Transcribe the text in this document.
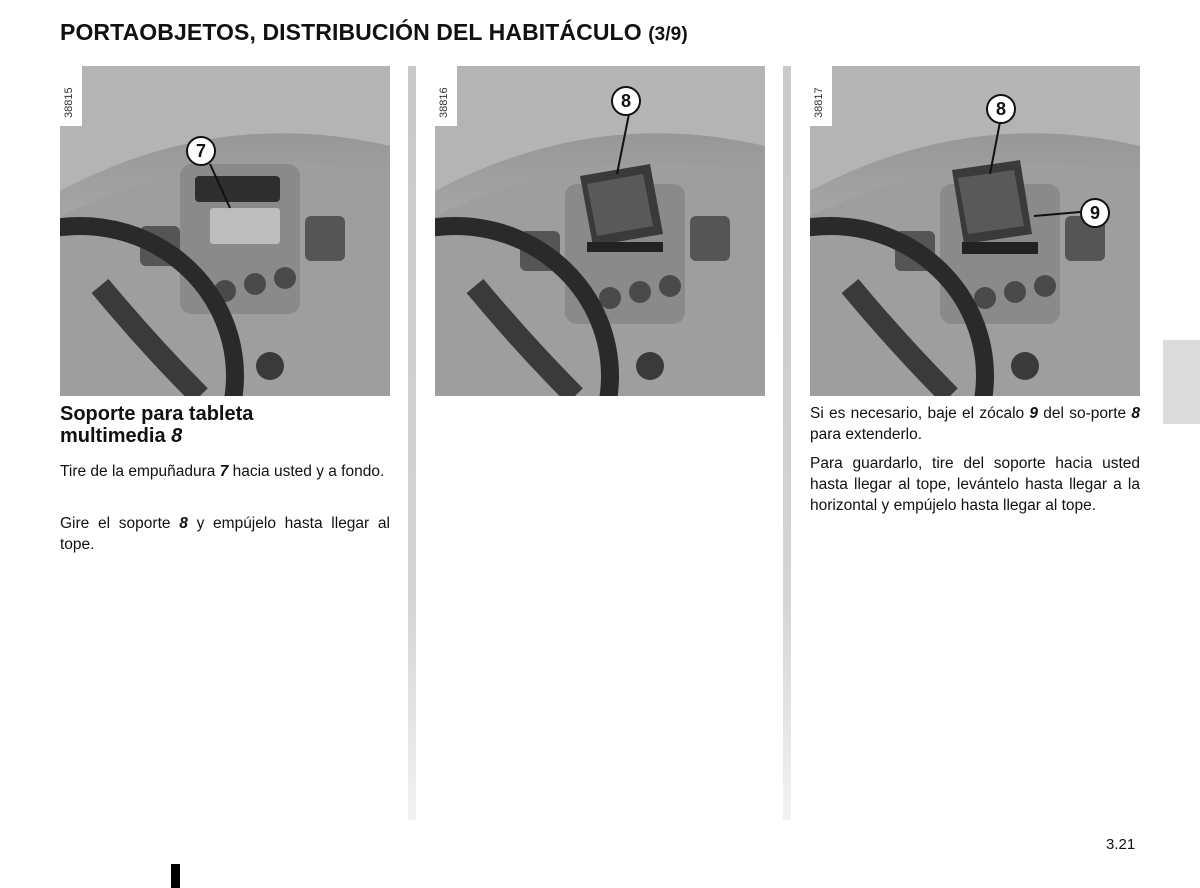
PORTAOBJETOS, DISTRIBUCIÓN DEL HABITÁCULO (3/9)
38815
7
38816	8	38817	8
9
Soporte para tableta
multimedia 8
Tire de la empuñadura 7 hacia usted y a fondo.
Gire el soporte 8 y empújelo hasta llegar al tope.
Si es necesario, baje el zócalo 9 del so-porte 8 para extenderlo.
Para guardarlo, tire del soporte hacia usted hasta llegar al tope, levántelo hasta llegar a la horizontal y empújelo hasta llegar al tope.
3.21
